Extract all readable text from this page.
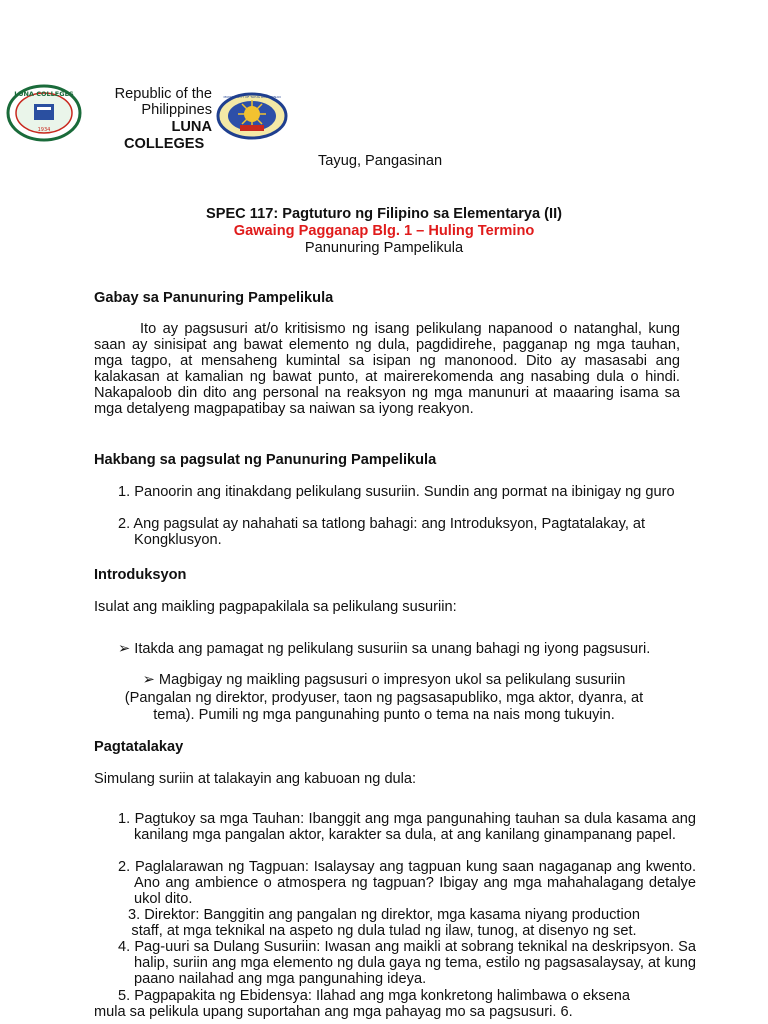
LUNA COLLEGES
1934
Republic of the
Philippines
LUNA
COLLEGES
MUNICIPALITY OF TAYUG PANGASINAN
Tayug, Pangasinan
SPEC 117: Pagtuturo ng Filipino sa Elementarya (II)
Gawaing Pagganap Blg. 1 – Huling Termino
Panunuring Pampelikula
Gabay sa Panunuring Pampelikula
Ito ay pagsusuri at/o kritisismo ng isang pelikulang napanood o natanghal, kung saan ay sinisipat ang bawat elemento ng dula, pagdidirehe, pagganap ng mga tauhan, mga tagpo, at mensaheng kumintal sa isipan ng manonood. Dito ay masasabi ang kalakasan at kamalian ng bawat punto, at mairerekomenda ang nasabing dula o hindi. Nakapaloob din dito ang personal na reaksyon ng mga manunuri at maaaring isama sa mga detalyeng magpapatibay sa naiwan sa iyong reakyon.
Hakbang sa pagsulat ng Panunuring Pampelikula
1. Panoorin ang itinakdang pelikulang susuriin. Sundin ang pormat na ibinigay ng guro
2. Ang pagsulat ay nahahati sa tatlong bahagi: ang Introduksyon, Pagtatalakay, at Kongklusyon.
Introduksyon
Isulat ang maikling pagpapakilala sa pelikulang susuriin:
➢ Itakda ang pamagat ng pelikulang susuriin sa unang bahagi ng iyong pagsusuri.
➢ Magbigay ng maikling pagsusuri o impresyon ukol sa pelikulang susuriin
(Pangalan ng direktor, prodyuser, taon ng pagsasapubliko, mga aktor, dyanra, at
tema). Pumili ng mga pangunahing punto o tema na nais mong tukuyin.
Pagtatalakay
Simulang suriin at talakayin ang kabuoan ng dula:
1. Pagtukoy sa mga Tauhan: Ibanggit ang mga pangunahing tauhan sa dula kasama ang kanilang mga pangalan aktor, karakter sa dula, at ang kanilang ginampanang papel.
2. Paglalarawan ng Tagpuan: Isalaysay ang tagpuan kung saan nagaganap ang kwento. Ano ang ambience o atmospera ng tagpuan? Ibigay ang mga mahahalagang detalye ukol dito.
3. Direktor: Banggitin ang pangalan ng direktor, mga kasama niyang production
staff, at mga teknikal na aspeto ng dula tulad ng ilaw, tunog, at disenyo ng set.
4. Pag-uuri sa Dulang Susuriin: Iwasan ang maikli at sobrang teknikal na deskripsyon. Sa halip, suriin ang mga elemento ng dula gaya ng tema, estilo ng pagsasalaysay, at kung paano nailahad ang mga pangunahing ideya.
5. Pagpapakita ng Ebidensya: Ilahad ang mga konkretong halimbawa o eksena
mula sa pelikula upang suportahan ang mga pahayag mo sa pagsusuri. 6.
